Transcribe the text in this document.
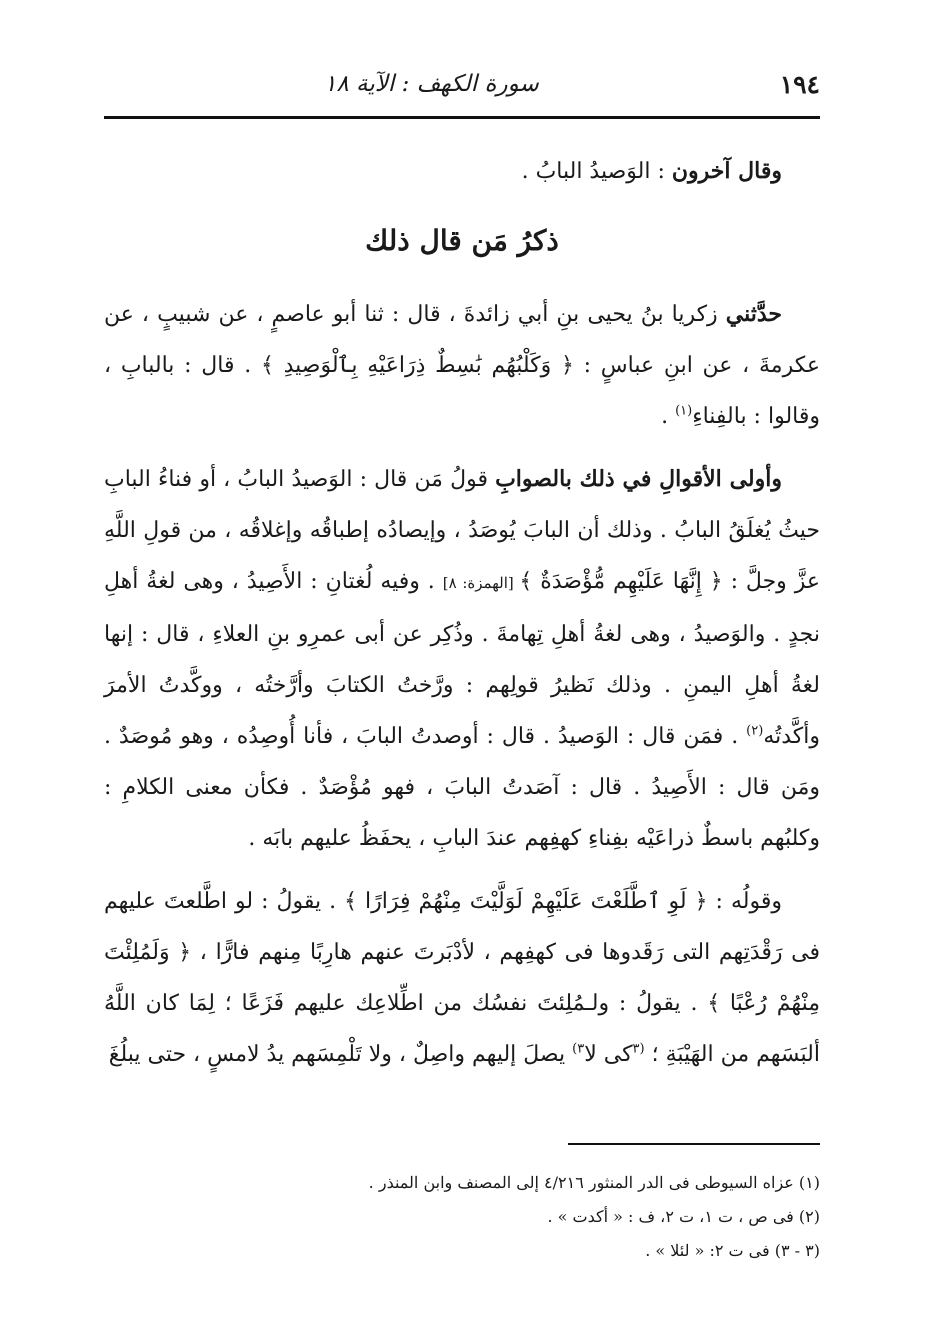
١٩٤
سورة الكهف : الآية ١٨

وقال آخرون : الوَصيدُ البابُ .

ذكرُ مَن قال ذلك

حدَّثني زكريا بنُ يحيى بنِ أبي زائدةَ ، قال : ثنا أبو عاصمٍ ، عن شبيبٍ ، عن عكرمةَ ، عن ابنِ عباسٍ : ﴿ وَكَلْبُهُم بَٰسِطٌ ذِرَاعَيْهِ بِٱلْوَصِيدِ ﴾ . قال : بالبابِ ، وقالوا : بالفِناءِ$^{(١)}$ .

وأولى الأقوالِ في ذلك بالصوابِ قولُ مَن قال : الوَصيدُ البابُ ، أو فناءُ البابِ حيثُ يُغلَقُ البابُ . وذلك أن البابَ يُوصَدُ ، وإيصادُه إطباقُه وإغلاقُه ، من قولِ اللَّهِ عزَّ وجلَّ : ﴿ إِنَّهَا عَلَيْهِم مُّؤْصَدَةٌ ﴾ [الهمزة: ٨] . وفيه لُغتانِ : الأَصِيدُ ، وهى لغةُ أهلِ نجدٍ . والوَصيدُ ، وهى لغةُ أهلِ تِهامةَ . وذُكِر عن أبى عمرِو بنِ العلاءِ ، قال : إنها لغةُ أهلِ اليمنِ . وذلك نَظيرُ قولِهم : ورَّختُ الكتابَ وأرَّختُه ، ووكَّدتُ الأمرَ وأكَّدتُه$^{(٢)}$ . فمَن قال : الوَصيدُ . قال : أوصدتُ البابَ ، فأنا أُوصِدُه ، وهو مُوصَدٌ . ومَن قال : الأَصِيدُ . قال : آصَدتُ البابَ ، فهو مُؤْصَدٌ . فكأن معنى الكلامِ : وكلبُهم باسطٌ ذراعَيْه بفِناءِ كهفِهم عندَ البابِ ، يحفَظُ عليهم بابَه .

وقولُه : ﴿ لَوِ ٱطَّلَعْتَ عَلَيْهِمْ لَوَلَّيْتَ مِنْهُمْ فِرَارًا ﴾ . يقولُ : لو اطَّلعتَ عليهم فى رَقْدَتِهم التى رَقَدوها فى كهفِهم ، لأدْبَرتَ عنهم هارِبًا مِنهم فارًّا ، ﴿ وَلَمُلِئْتَ مِنْهُمْ رُعْبًا ﴾ . يقولُ : ولـمُلِئتَ نفسُك من اطِّلاعِك عليهم فَزَعًا ؛ لِمَا كان اللَّهُ ألبَسَهم من الهَيْبَةِ ؛ $^{(٣}$كى لا$^{٣)}$ يصلَ إليهم واصِلٌ ، ولا تَلْمِسَهم يدُ لامسٍ ، حتى يبلُغَ

(١) عزاه السيوطى فى الدر المنثور ٤/٢١٦ إلى المصنف وابن المنذر .

(٢) فى ص ، ت ١، ت ٢، ف : « أكدت » .

(٣ - ٣) فى ت ٢: « لئلا » .
